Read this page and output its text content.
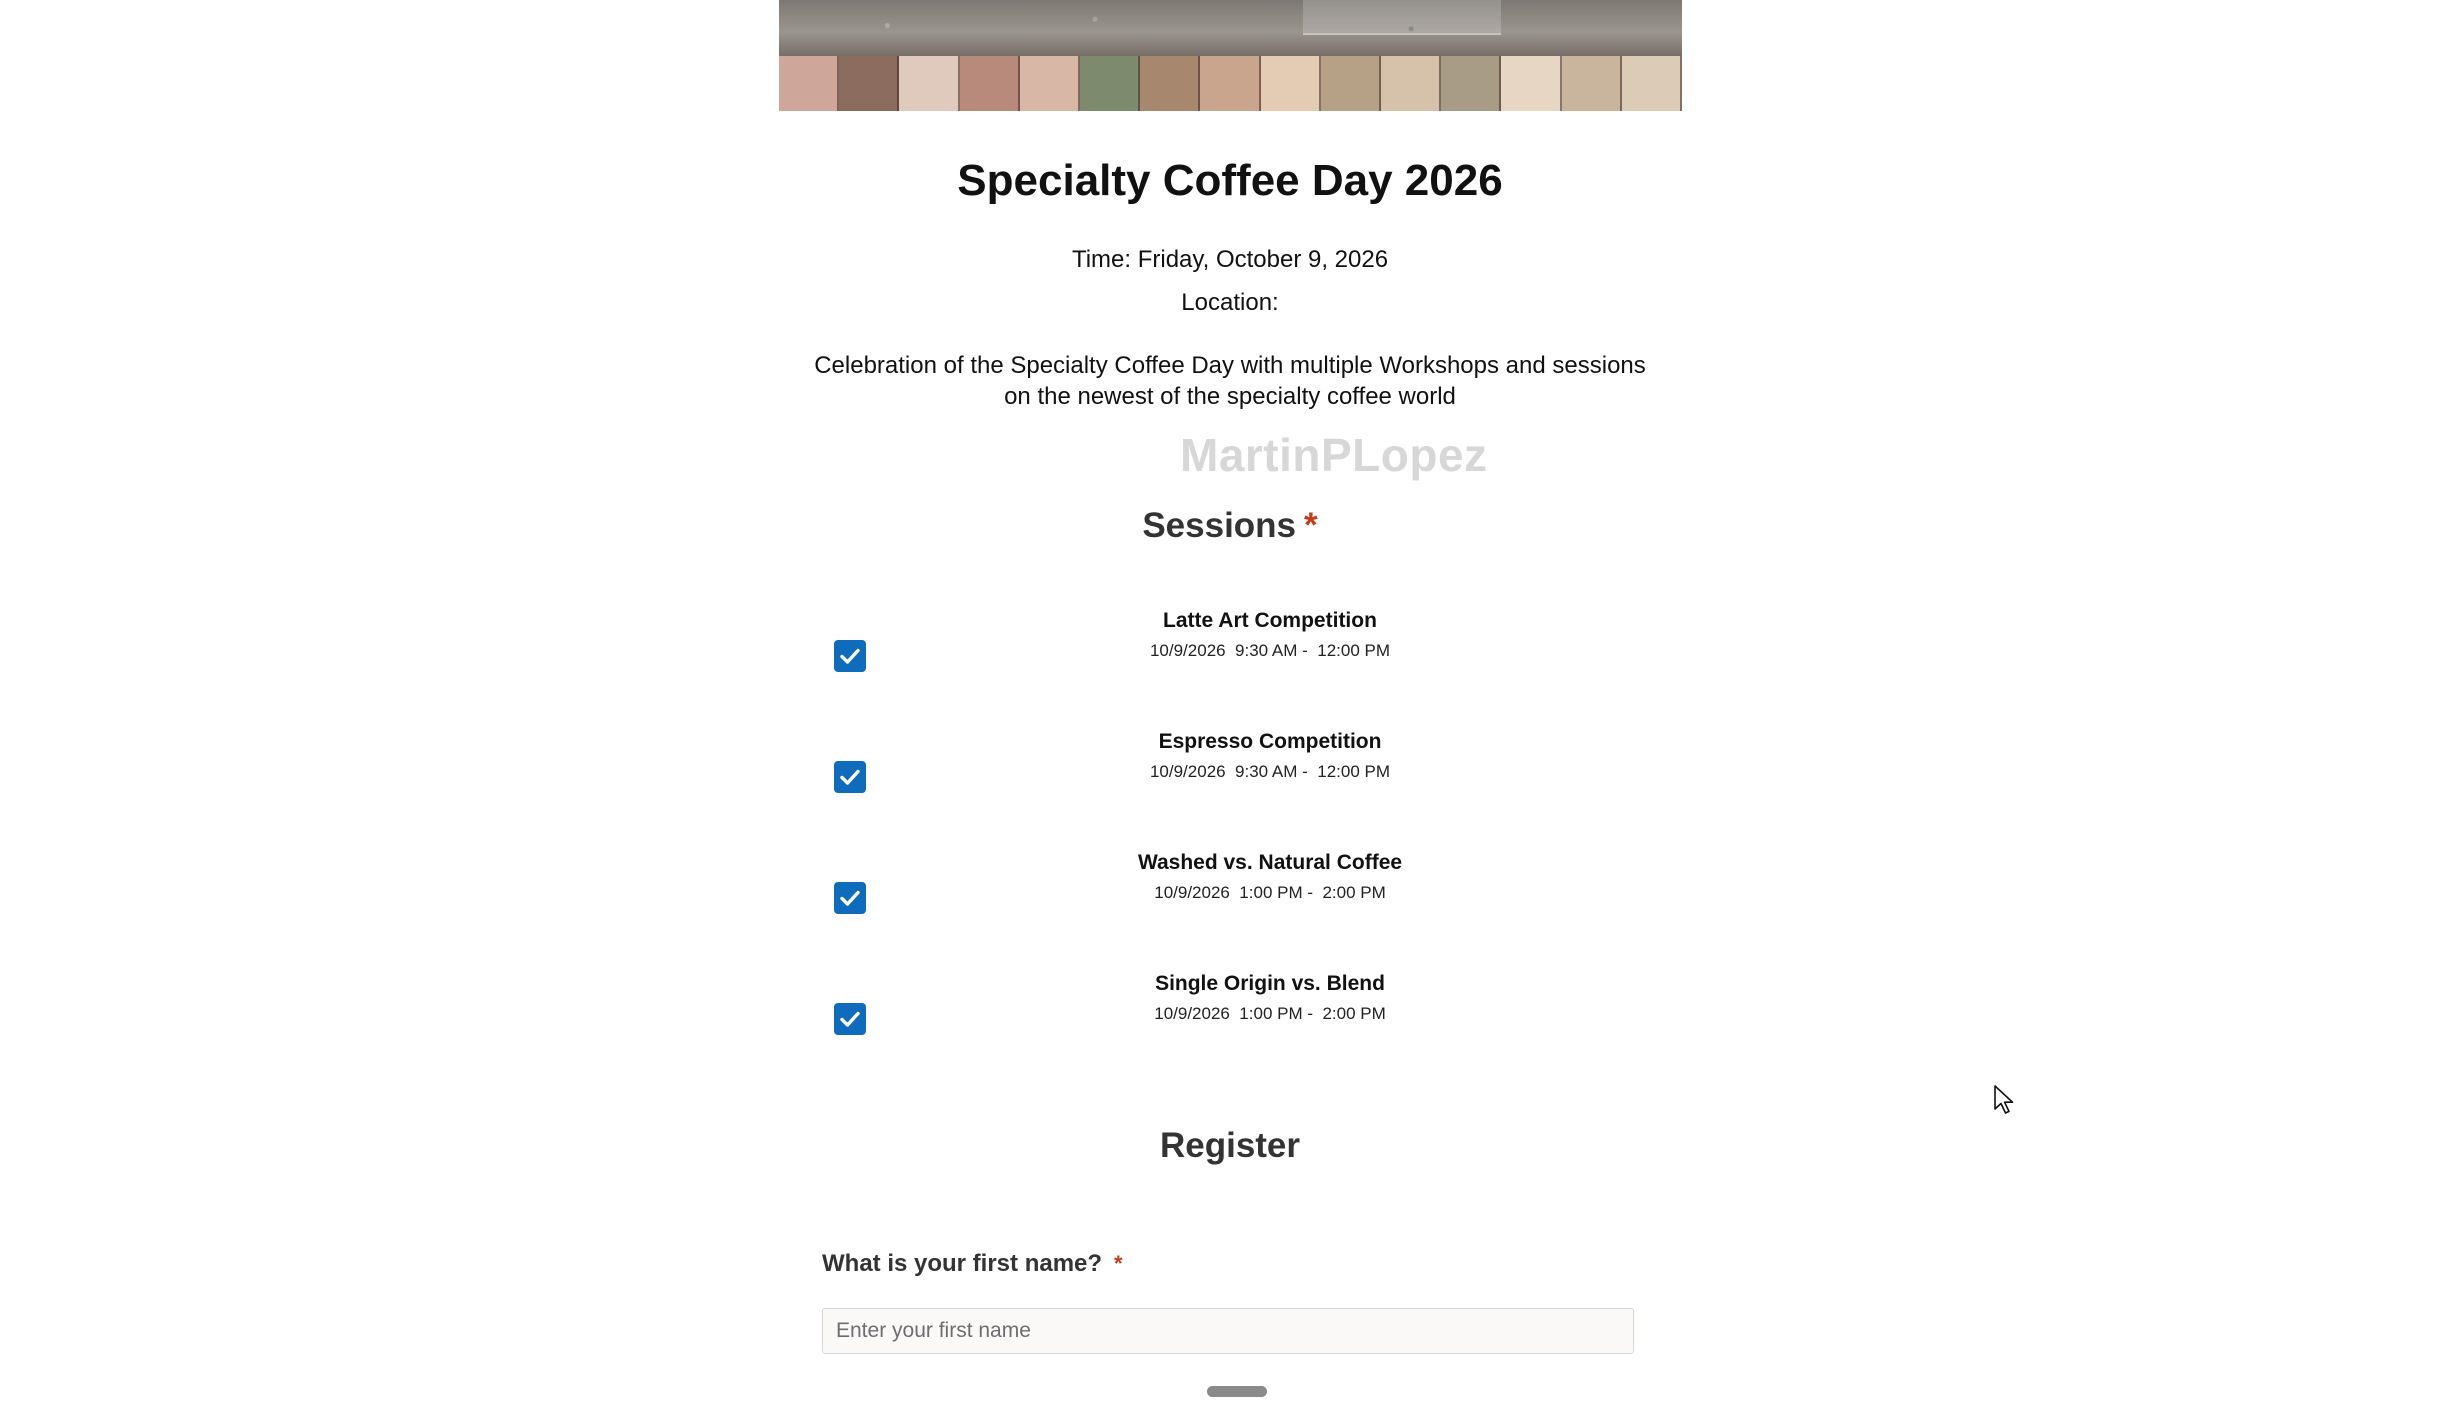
Specialty Coffee Day 2026
Time: Friday, October 9, 2026
Location:
Celebration of the Specialty Coffee Day with multiple Workshops and sessions on the newest of the specialty coffee world
MartinPLopez
Sessions *
Latte Art Competition
10/9/2026  9:30 AM -  12:00 PM
Espresso Competition
10/9/2026  9:30 AM -  12:00 PM
Washed vs. Natural Coffee
10/9/2026  1:00 PM -  2:00 PM
Single Origin vs. Blend
10/9/2026  1:00 PM -  2:00 PM
Register
What is your first name? *
Enter your first name
